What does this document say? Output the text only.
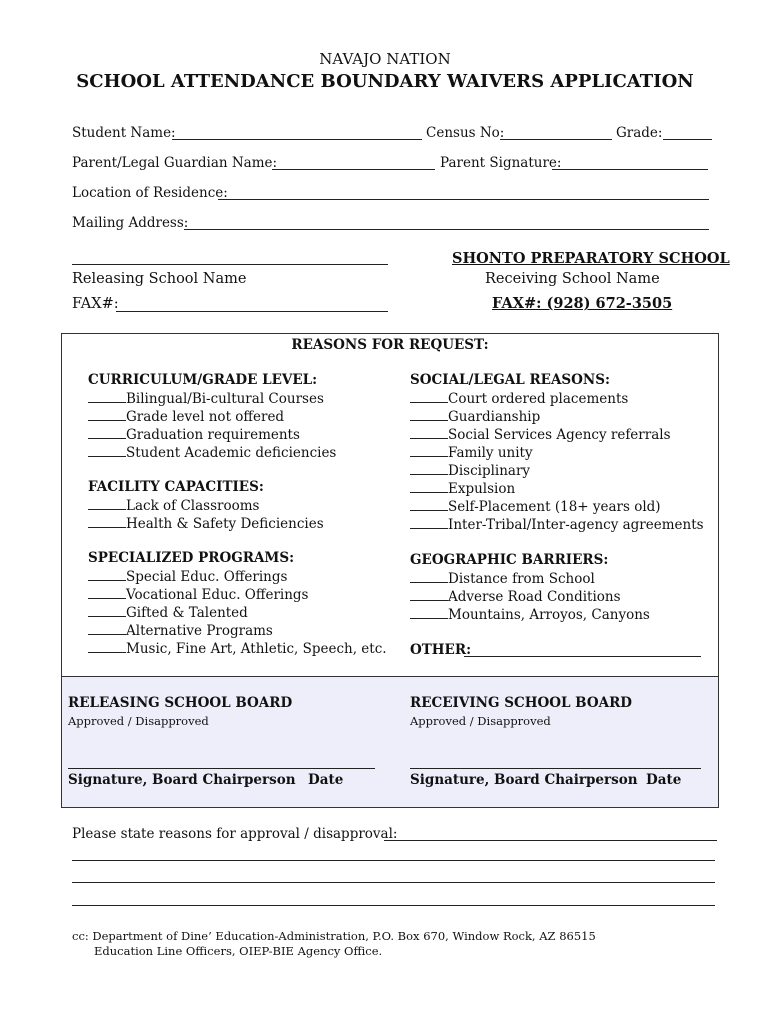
NAVAJO NATION
SCHOOL ATTENDANCE BOUNDARY WAIVERS APPLICATION
Student Name:	Census No:	Grade:
Parent/Legal Guardian Name:	Parent Signature:
Location of Residence:
Mailing Address:
Releasing School Name
FAX#:
SHONTO PREPARATORY SCHOOL
Receiving School Name
FAX#: (928) 672-3505
REASONS FOR REQUEST:
CURRICULUM/GRADE LEVEL:
Bilingual/Bi-cultural Courses
Grade level not offered
Graduation requirements
Student Academic deficiencies
FACILITY CAPACITIES:
Lack of Classrooms
Health & Safety Deficiencies
SPECIALIZED PROGRAMS:
Special Educ. Offerings
Vocational Educ. Offerings
Gifted & Talented
Alternative Programs
Music, Fine Art, Athletic, Speech, etc.
SOCIAL/LEGAL REASONS:
Court ordered placements
Guardianship
Social Services Agency referrals
Family unity
Disciplinary
Expulsion
Self-Placement (18+ years old)
Inter-Tribal/Inter-agency agreements
GEOGRAPHIC BARRIERS:
Distance from School
Adverse Road Conditions
Mountains, Arroyos, Canyons
OTHER:
RELEASING SCHOOL BOARD
Approved / Disapproved
Signature, Board Chairperson Date
RECEIVING SCHOOL BOARD
Approved / Disapproved
Signature, Board Chairperson Date
Please state reasons for approval / disapproval:
cc: Department of Dine’ Education-Administration, P.O. Box 670, Window Rock, AZ 86515
Education Line Officers, OIEP-BIE Agency Office.
